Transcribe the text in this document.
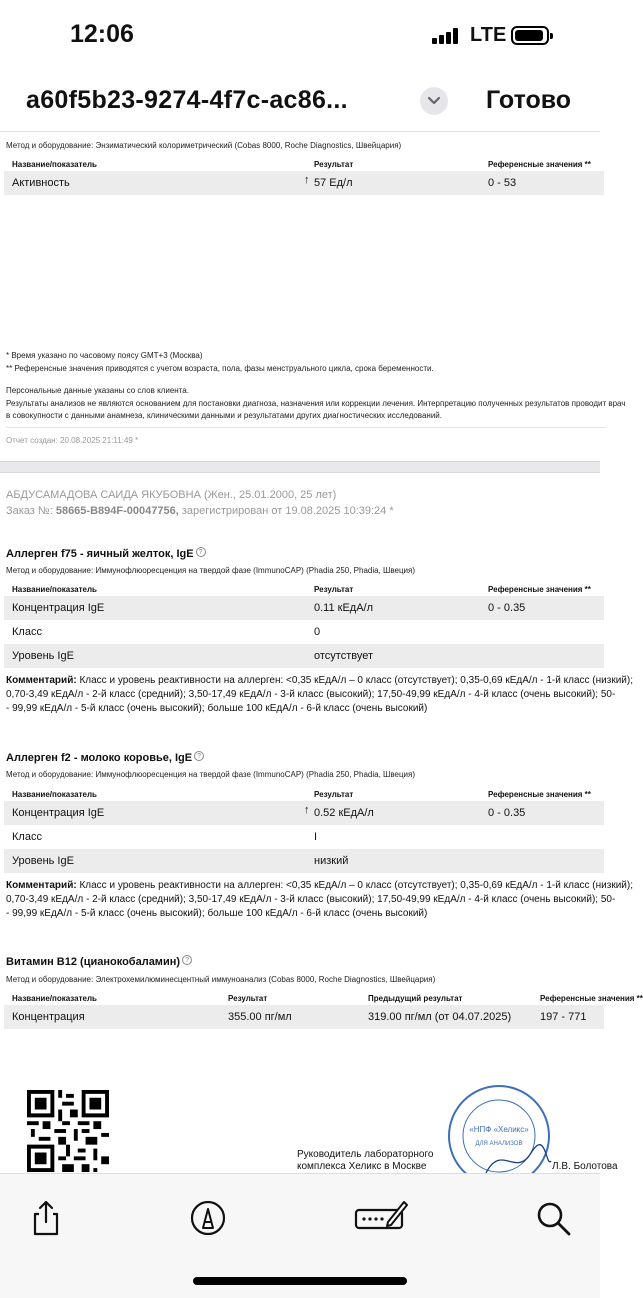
12:06	LTE
a60f5b23-9274-4f7c-ac86...	Готово
Метод и оборудование: Энзиматический колориметрический (Cobas 8000, Roche Diagnostics, Швейцария)
Название/показатель	Результат	Референсные значения **
Активность	↑ 57 Ед/л	0 - 53
* Время указано по часовому поясу GMT+3 (Москва)
** Референсные значения приводятся с учетом возраста, пола, фазы менструального цикла, срока беременности.
Персональные данные указаны со слов клиента.
Результаты анализов не являются основанием для постановки диагноза, назначения или коррекции лечения. Интерпретацию полученных результатов проводит врач
в совокупности с данными анамнеза, клиническими данными и результатами других диагностических исследований.
Отчет создан: 20.08.2025 21:11:49 *
АБДУСАМАДОВА САИДА ЯКУБОВНА (Жен., 25.01.2000, 25 лет)
Заказ №: 58665-B894F-00047756, зарегистрирован от 19.08.2025 10:39:24 *
Аллерген f75 - яичный желток, IgE ?
Метод и оборудование: Иммунофлюоресценция на твердой фазе (ImmunoCAP) (Phadia 250, Phadia, Швеция)
Название/показатель	Результат	Референсные значения **
Концентрация IgE	0.11 кЕдА/л	0 - 0.35
Класс	0
Уровень IgE	отсутствует
Комментарий: Класс и уровень реактивности на аллерген: <0,35 кЕдА/л – 0 класс (отсутствует); 0,35-0,69 кЕдА/л - 1-й класс (низкий);
0,70-3,49 кЕдА/л - 2-й класс (средний); 3,50-17,49 кЕдА/л - 3-й класс (высокий); 17,50-49,99 кЕдА/л - 4-й класс (очень высокий); 50-
- 99,99 кЕдА/л - 5-й класс (очень высокий); больше 100 кЕдА/л - 6-й класс (очень высокий)
Аллерген f2 - молоко коровье, IgE ?
Метод и оборудование: Иммунофлюоресценция на твердой фазе (ImmunoCAP) (Phadia 250, Phadia, Швеция)
Название/показатель	Результат	Референсные значения **
Концентрация IgE	↑ 0.52 кЕдА/л	0 - 0.35
Класс	I
Уровень IgE	низкий
Комментарий: Класс и уровень реактивности на аллерген: <0,35 кЕдА/л – 0 класс (отсутствует); 0,35-0,69 кЕдА/л - 1-й класс (низкий);
0,70-3,49 кЕдА/л - 2-й класс (средний); 3,50-17,49 кЕдА/л - 3-й класс (высокий); 17,50-49,99 кЕдА/л - 4-й класс (очень высокий); 50-
- 99,99 кЕдА/л - 5-й класс (очень высокий); больше 100 кЕдА/л - 6-й класс (очень высокий)
Витамин B12 (цианокобаламин) ?
Метод и оборудование: Электрохемилюминесцентный иммуноанализ (Cobas 8000, Roche Diagnostics, Швейцария)
Название/показатель	Результат	Предыдущий результат	Референсные значения **
Концентрация	355.00 пг/мл	319.00 пг/мл (от 04.07.2025)	197 - 771
Руководитель лабораторного
комплекса Хеликс в Москве
«НПФ «Хеликс»
ДЛЯ АНАЛИЗОВ
Л.В. Болотова
